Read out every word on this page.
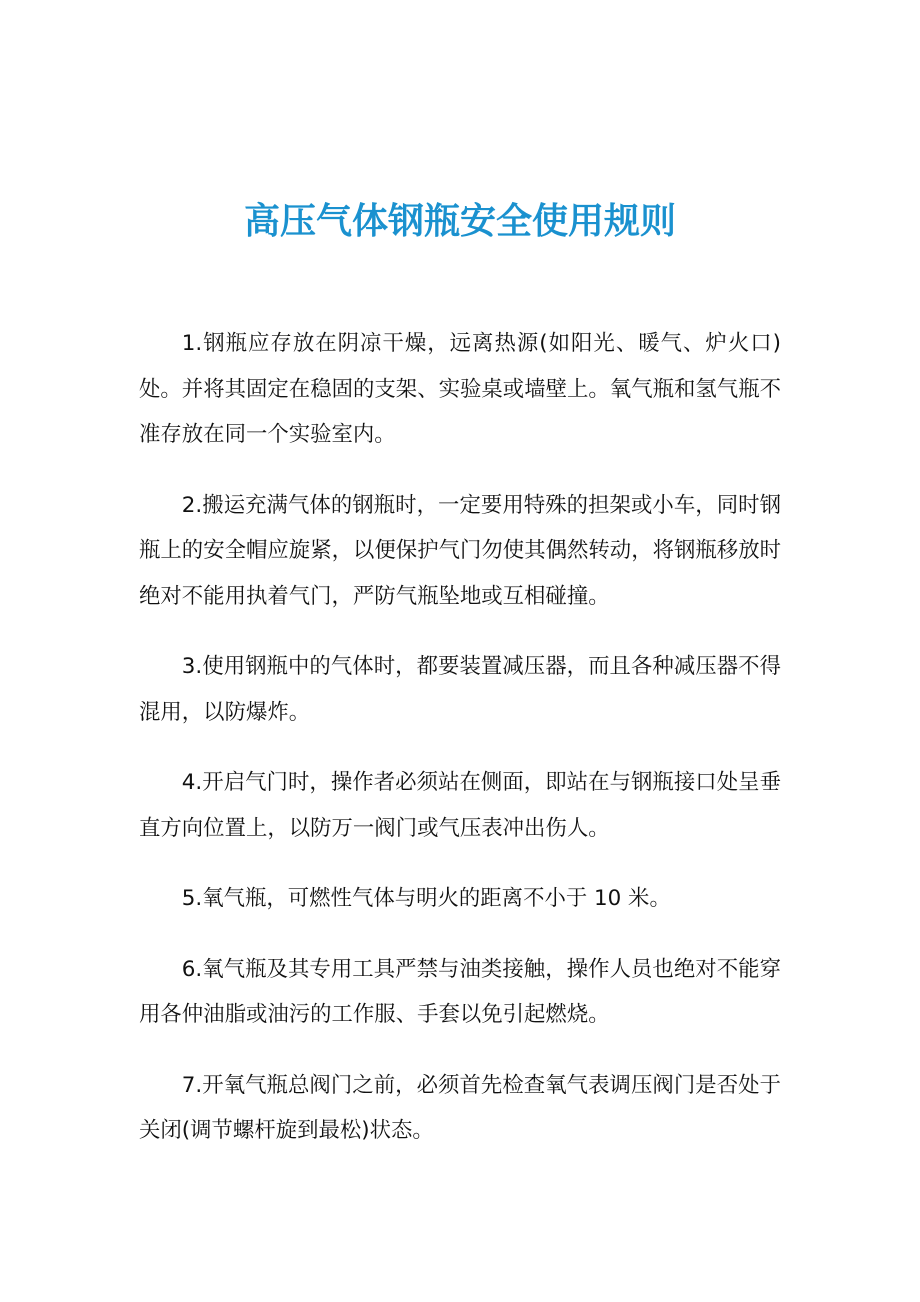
高压气体钢瓶安全使用规则

1.钢瓶应存放在阴凉干燥，远离热源(如阳光、暖气、炉火口)处。并将其固定在稳固的支架、实验桌或墙壁上。氧气瓶和氢气瓶不准存放在同一个实验室内。

2.搬运充满气体的钢瓶时，一定要用特殊的担架或小车，同时钢瓶上的安全帽应旋紧，以便保护气门勿使其偶然转动，将钢瓶移放时绝对不能用执着气门，严防气瓶坠地或互相碰撞。

3.使用钢瓶中的气体时，都要装置减压器，而且各种减压器不得混用，以防爆炸。

4.开启气门时，操作者必须站在侧面，即站在与钢瓶接口处呈垂直方向位置上，以防万一阀门或气压表冲出伤人。

5.氧气瓶，可燃性气体与明火的距离不小于 10 米。

6.氧气瓶及其专用工具严禁与油类接触，操作人员也绝对不能穿用各仲油脂或油污的工作服、手套以免引起燃烧。

7.开氧气瓶总阀门之前，必须首先检查氧气表调压阀门是否处于关闭(调节螺杆旋到最松)状态。
